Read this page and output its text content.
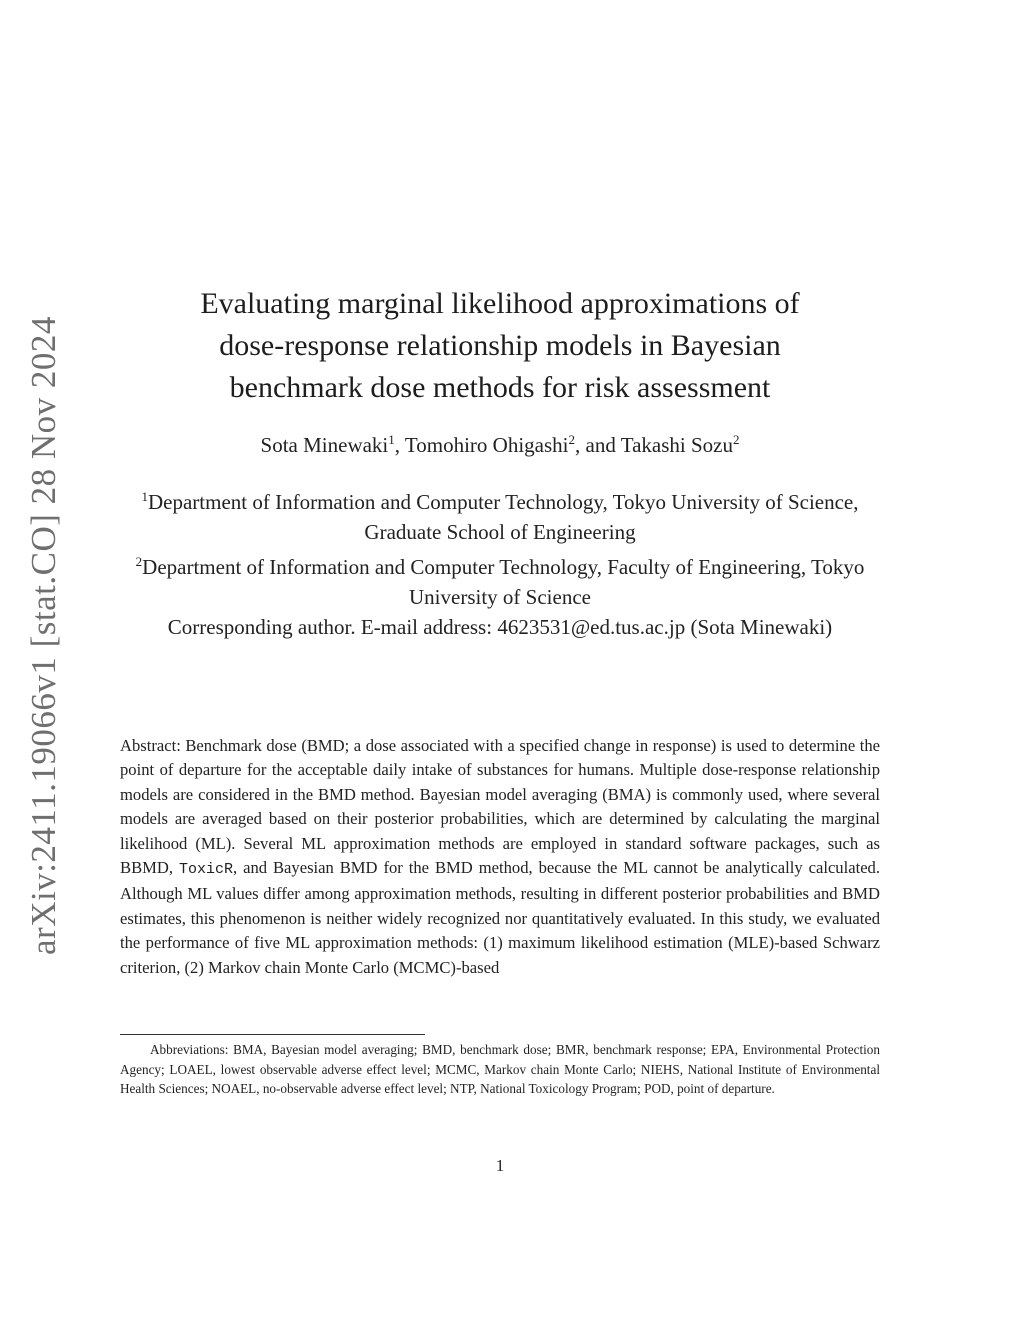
arXiv:2411.19066v1 [stat.CO] 28 Nov 2024
Evaluating marginal likelihood approximations of
dose-response relationship models in Bayesian
benchmark dose methods for risk assessment
Sota Minewaki$^1$, Tomohiro Ohigashi$^2$, and Takashi Sozu$^2$
$^1$Department of Information and Computer Technology, Tokyo University of Science, Graduate School of Engineering
$^2$Department of Information and Computer Technology, Faculty of Engineering, Tokyo University of Science
Corresponding author. E-mail address: 4623531@ed.tus.ac.jp (Sota Minewaki)
Abstract: Benchmark dose (BMD; a dose associated with a specified change in response) is used to determine the point of departure for the acceptable daily intake of substances for humans. Multiple dose-response relationship models are considered in the BMD method. Bayesian model averaging (BMA) is commonly used, where several models are averaged based on their posterior probabilities, which are determined by calculating the marginal likelihood (ML). Several ML approximation methods are employed in standard software packages, such as BBMD, ToxicR, and Bayesian BMD for the BMD method, because the ML cannot be analytically calculated. Although ML values differ among approximation methods, resulting in different posterior probabilities and BMD estimates, this phenomenon is neither widely recognized nor quantitatively evaluated. In this study, we evaluated the performance of five ML approximation methods: (1) maximum likelihood estimation (MLE)-based Schwarz criterion, (2) Markov chain Monte Carlo (MCMC)-based
Abbreviations: BMA, Bayesian model averaging; BMD, benchmark dose; BMR, benchmark response; EPA, Environmental Protection Agency; LOAEL, lowest observable adverse effect level; MCMC, Markov chain Monte Carlo; NIEHS, National Institute of Environmental Health Sciences; NOAEL, no-observable adverse effect level; NTP, National Toxicology Program; POD, point of departure.
1
